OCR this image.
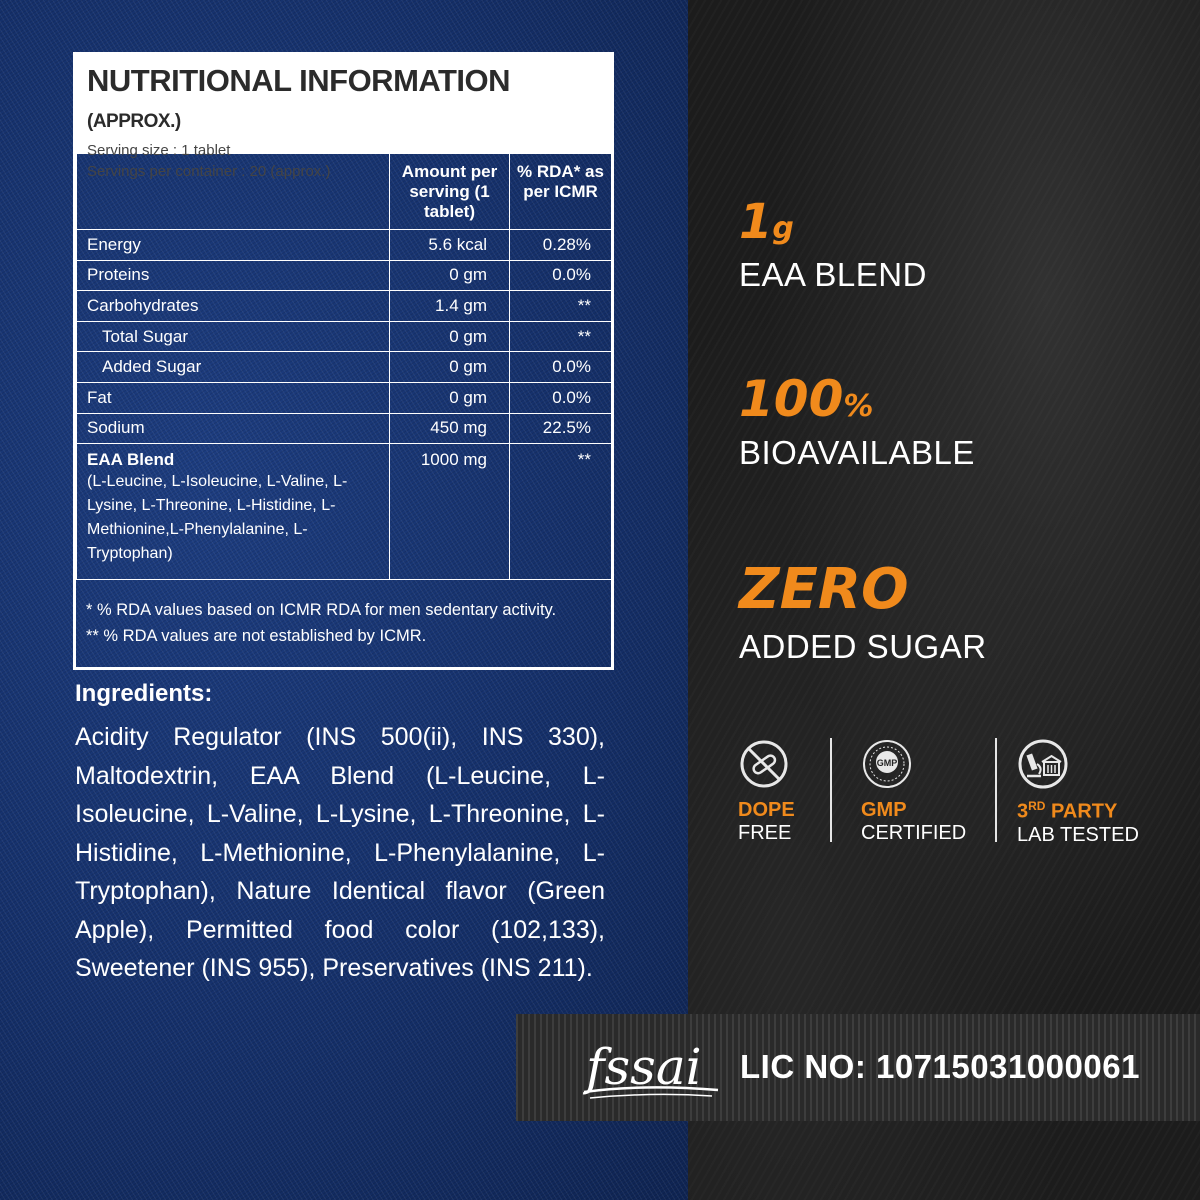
NUTRITIONAL INFORMATION (APPROX.)
Serving size : 1 tablet
Servings per container : 20 (approx.)
		Amount per serving (1 tablet)	% RDA* as per ICMR
Energy	5.6 kcal	0.28%
Proteins	0 gm	0.0%
Carbohydrates	1.4 gm	**
Total Sugar	0 gm	**
Added Sugar	0 gm	0.0%
Fat	0 gm	0.0%
Sodium	450 mg	22.5%
EAA Blend
(L-Leucine, L-Isoleucine, L-Valine, L-Lysine, L-Threonine, L-Histidine, L-Methionine,L-Phenylalanine, L-Tryptophan)	1000 mg	**
* % RDA values based on ICMR RDA for men sedentary activity.
** % RDA values are not established by ICMR.
Ingredients:
Acidity Regulator (INS 500(ii), INS 330), Maltodextrin, EAA Blend (L-Leucine, L-Isoleucine, L-Valine, L-Lysine, L-Threonine, L-Histidine, L-Methionine, L-Phenylalanine, L-Tryptophan), Nature Identical flavor (Green Apple), Permitted food color (102,133), Sweetener (INS 955), Preservatives (INS 211).
1g
EAA BLEND
100%
BIOAVAILABLE
ZERO
ADDED SUGAR
DOPE
FREE
GMP
GMP
CERTIFIED
3RD PARTY
LAB TESTED
fssai LIC NO: 10715031000061
